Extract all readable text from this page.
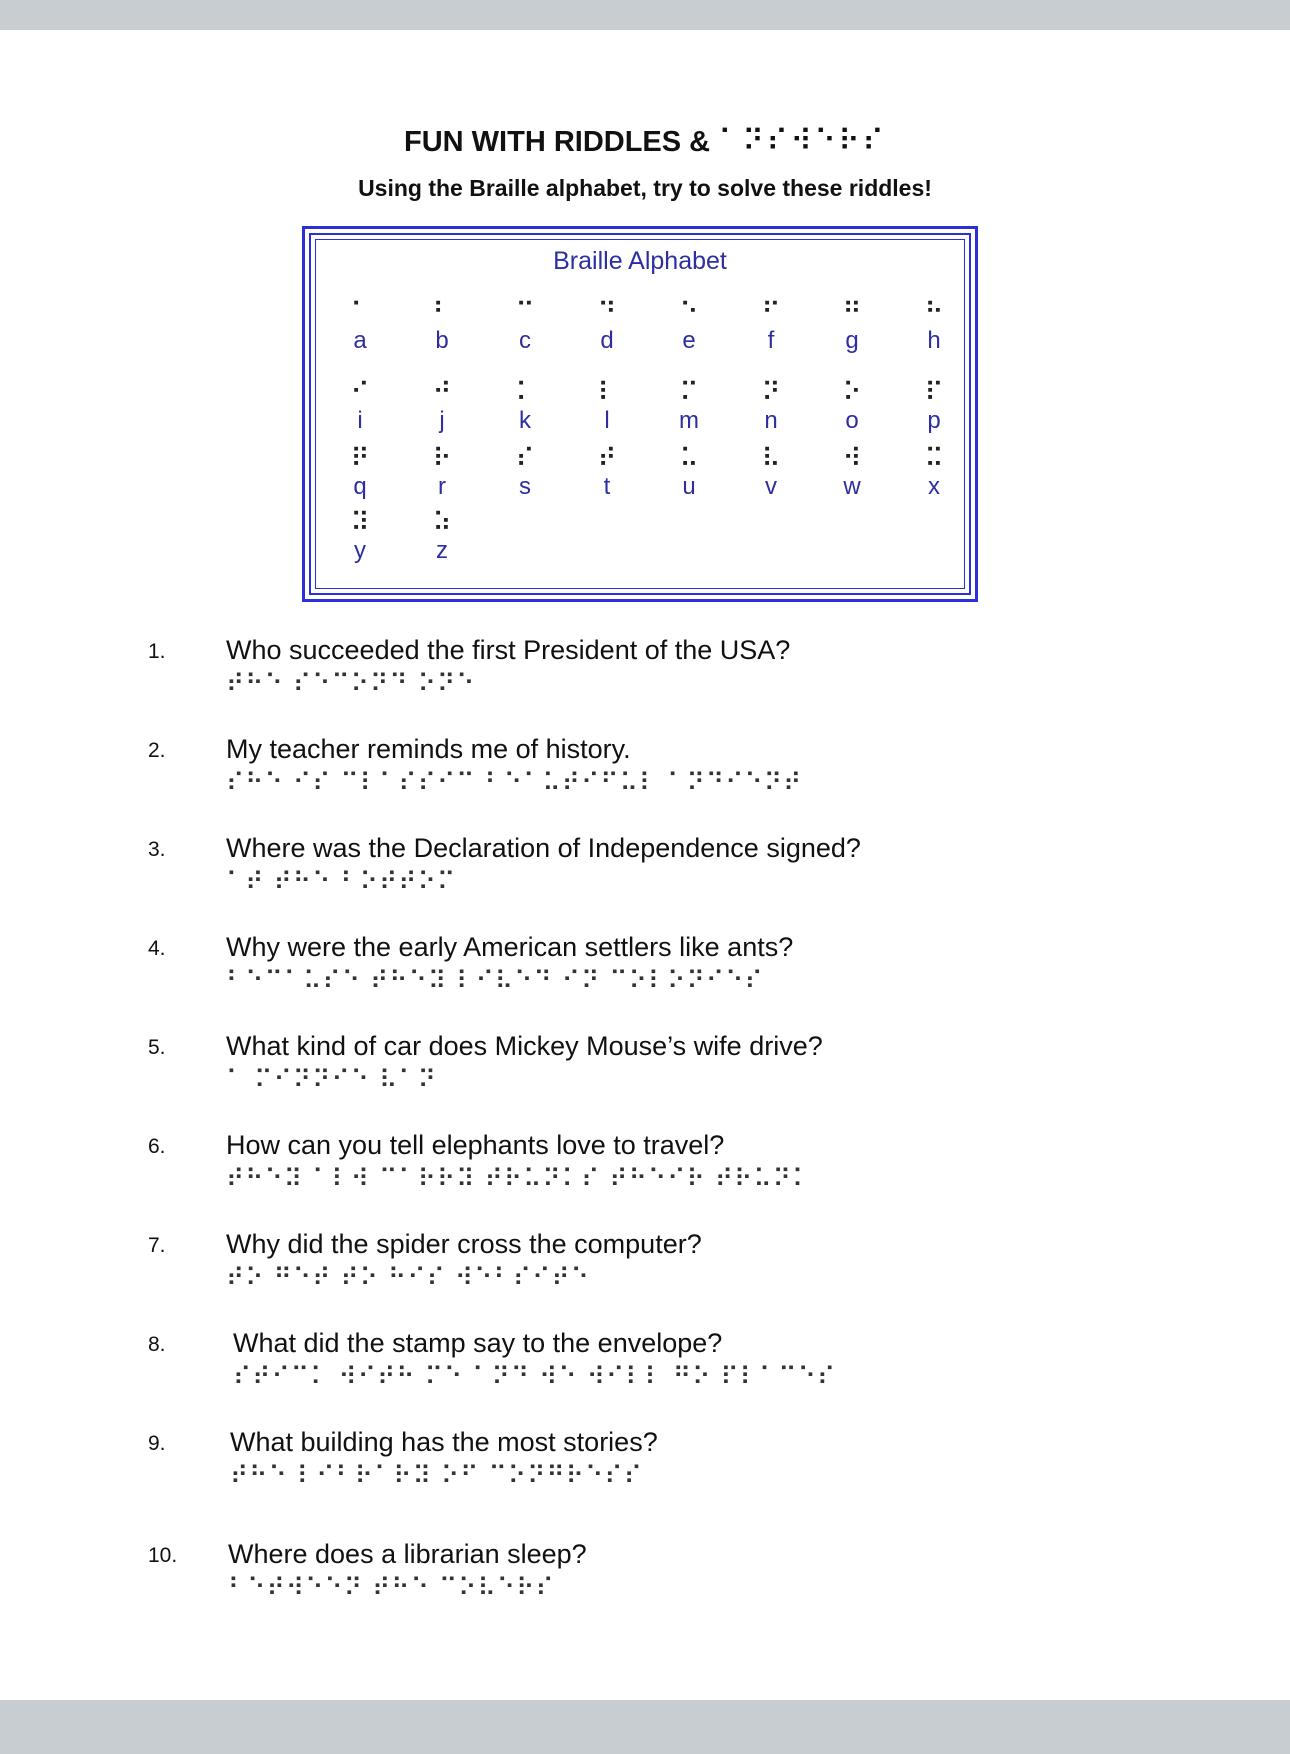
FUN WITH RIDDLES & ⠁⠝⠎⠺⠑⠗⠎
Using the Braille alphabet, try to solve these riddles!
Braille Alphabet
⠁
a
⠃
b
⠉
c
⠙
d
⠑
e
⠋
f
⠛
g
⠓
h
⠊
i
⠚
j
⠅
k
⠇
l
⠍
m
⠝
n
⠕
o
⠏
p
⠟
q
⠗
r
⠎
s
⠞
t
⠥
u
⠧
v
⠺
w
⠭
x
⠽
y
⠵
z
1. Who succeeded the first President of the USA?
⠞⠓⠑ ⠎⠑⠉⠕⠝⠙ ⠕⠝⠑
2. My teacher reminds me of history.
⠎⠓⠑ ⠊⠎ ⠉⠇⠁⠎⠎⠊⠉ ⠃⠑⠁⠥⠞⠊⠋⠥⠇ ⠁⠝⠙⠊⠑⠝⠞
3. Where was the Declaration of Independence signed?
⠁⠞ ⠞⠓⠑ ⠃⠕⠞⠞⠕⠍
4. Why were the early American settlers like ants?
⠃⠑⠉⠁⠥⠎⠑ ⠞⠓⠑⠽ ⠇⠊⠧⠑⠙ ⠊⠝ ⠉⠕⠇⠕⠝⠊⠑⠎
5. What kind of car does Mickey Mouse’s wife drive?
⠁ ⠍⠊⠝⠝⠊⠑ ⠧⠁⠝
6. How can you tell elephants love to travel?
⠞⠓⠑⠽ ⠁⠇⠺ ⠉⠁⠗⠗⠽ ⠞⠗⠥⠝⠅⠎ ⠞⠓⠑⠊⠗ ⠞⠗⠥⠝⠅
7. Why did the spider cross the computer?
⠞⠕ ⠛⠑⠞ ⠞⠕ ⠓⠊⠎ ⠺⠑⠃⠎⠊⠞⠑
8. What did the stamp say to the envelope?
⠎⠞⠊⠉⠅ ⠺⠊⠞⠓ ⠍⠑ ⠁⠝⠙ ⠺⠑ ⠺⠊⠇⠇ ⠛⠕ ⠏⠇⠁⠉⠑⠎
9. What building has the most stories?
⠞⠓⠑ ⠇⠊⠃⠗⠁⠗⠽ ⠕⠋ ⠉⠕⠝⠛⠗⠑⠎⠎
10. Where does a librarian sleep?
⠃⠑⠞⠺⠑⠑⠝ ⠞⠓⠑ ⠉⠕⠧⠑⠗⠎
